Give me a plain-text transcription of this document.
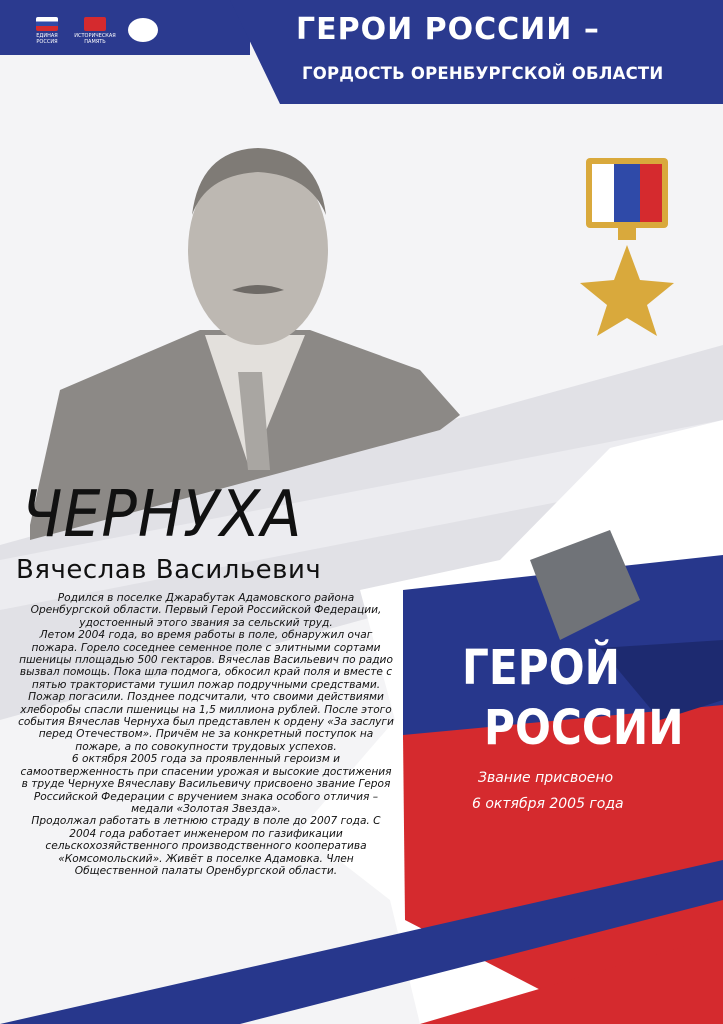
ЕДИНАЯ РОССИЯ
ИСТОРИЧЕСКАЯ ПАМЯТЬ	ГЕРОИ РОССИИ –
ГОРДОСТЬ ОРЕНБУРГСКОЙ ОБЛАСТИ
ЧЕРНУХА
Вячеслав Васильевич

Родился в поселке Джарабутак Адамовского района Оренбургской области. Первый Герой Российской Федерации, удостоенный этого звания за сельский труд.

Летом 2004 года, во время работы в поле, обнаружил очаг пожара. Горело соседнее семенное поле с элитными сортами пшеницы площадью 500 гектаров. Вячеслав Васильевич по радио вызвал помощь. Пока шла подмога, обкосил край поля и вместе с пятью трактористами тушил пожар подручными средствами. Пожар погасили. Позднее подсчитали, что своими действиями хлеборобы спасли пшеницы на 1,5 миллиона рублей. После этого события Вячеслав Чернуха был представлен к ордену «За заслуги перед Отечеством». Причём не за конкретный поступок на пожаре, а по совокупности трудовых успехов.

6 октября 2005 года за проявленный героизм и самоотверженность при спасении урожая и высокие достижения в труде Чернухе Вячеславу Васильевичу присвоено звание Героя Российской Федерации с вручением знака особого отличия – медали «Золотая Звезда».

Продолжал работать в летнюю страду в поле до 2007 года. С 2004 года работает инженером по газификации сельскохозяйственного производственного кооператива «Комсомольский». Живёт в поселке Адамовка. Член Общественной палаты Оренбургской области.

ГЕРОЙ
РОССИИ
Звание присвоено
6 октября 2005 года
